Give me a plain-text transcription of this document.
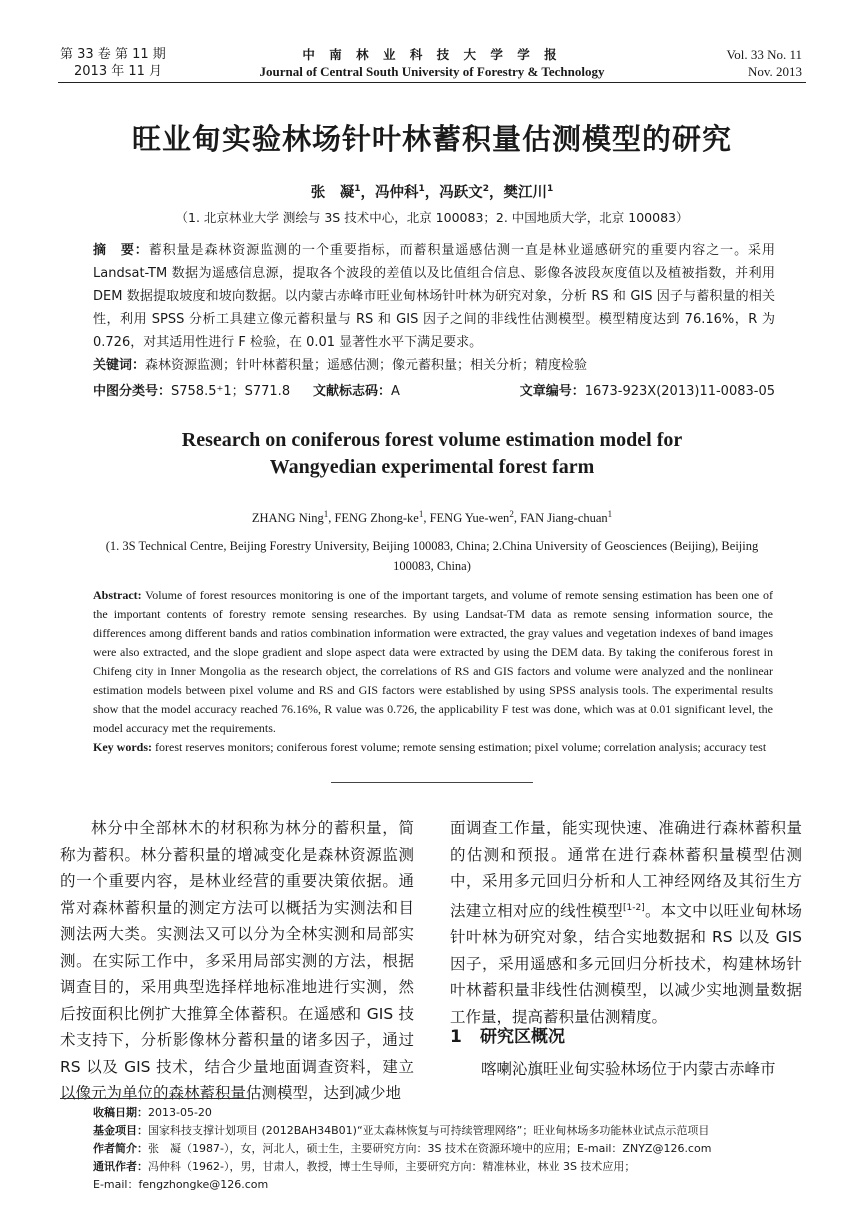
第 33 卷 第 11 期
2013 年 11 月
中 南 林 业 科 技 大 学 学 报
Journal of Central South University of Forestry & Technology
Vol. 33 No. 11
Nov. 2013
旺业甸实验林场针叶林蓄积量估测模型的研究
张　凝$^1$，冯仲科$^1$，冯跃文$^2$，樊江川$^1$
（1. 北京林业大学 测绘与 3S 技术中心，北京 100083；2. 中国地质大学，北京 100083）
摘　要：蓄积量是森林资源监测的一个重要指标，而蓄积量遥感估测一直是林业遥感研究的重要内容之一。采用 Landsat-TM 数据为遥感信息源，提取各个波段的差值以及比值组合信息、影像各波段灰度值以及植被指数，并利用 DEM 数据提取坡度和坡向数据。以内蒙古赤峰市旺业甸林场针叶林为研究对象，分析 RS 和 GIS 因子与蓄积量的相关性，利用 SPSS 分析工具建立像元蓄积量与 RS 和 GIS 因子之间的非线性估测模型。模型精度达到 76.16%，R 为 0.726，对其适用性进行 F 检验，在 0.01 显著性水平下满足要求。
关键词：森林资源监测；针叶林蓄积量；遥感估测；像元蓄积量；相关分析；精度检验
中图分类号：S758.5⁺1；S771.8 文献标志码：A	文章编号：1673-923X(2013)11-0083-05
Research on coniferous forest volume estimation model for
Wangyedian experimental forest farm
ZHANG Ning$^1$, FENG Zhong-$ke^1$, FENG Yue-wen$^2$, FAN Jiang-chuan$^1$
(1. 3S Technical Centre, Beijing Forestry University, Beijing 100083, China; 2.China University of Geosciences (Beijing), Beijing 100083, China)
Abstract: Volume of forest resources monitoring is one of the important targets, and volume of remote sensing estimation has been one of the important contents of forestry remote sensing researches. By using Landsat-TM data as remote sensing information source, the differences among different bands and ratios combination information were extracted, the gray values and vegetation indexes of band images were also extracted, and the slope gradient and slope aspect data were extracted by using the DEM data. By taking the coniferous forest in Chifeng city in Inner Mongolia as the research object, the correlations of RS and GIS factors and volume were analyzed and the nonlinear estimation models between pixel volume and RS and GIS factors were established by using SPSS analysis tools. The experimental results show that the model accuracy reached 76.16%, R value was 0.726, the applicability F test was done, which was at 0.01 significant level, the model accuracy met the requirements.
Key words: forest reserves monitors; coniferous forest volume; remote sensing estimation; pixel volume; correlation analysis; accuracy test
林分中全部林木的材积称为林分的蓄积量，简称为蓄积。林分蓄积量的增减变化是森林资源监测的一个重要内容，是林业经营的重要决策依据。通常对森林蓄积量的测定方法可以概括为实测法和目测法两大类。实测法又可以分为全林实测和局部实测。在实际工作中，多采用局部实测的方法，根据调查目的，采用典型选择样地标准地进行实测，然后按面积比例扩大推算全体蓄积。在遥感和 GIS 技术支持下，分析影像林分蓄积量的诸多因子，通过 RS 以及 GIS 技术，结合少量地面调查资料，建立以像元为单位的森林蓄积量估测模型，达到减少地
面调查工作量，能实现快速、准确进行森林蓄积量的估测和预报。通常在进行森林蓄积量模型估测中，采用多元回归分析和人工神经网络及其衍生方法建立相对应的线性模型[1-2]。本文中以旺业甸林场针叶林为研究对象，结合实地数据和 RS 以及 GIS 因子，采用遥感和多元回归分析技术，构建林场针叶林蓄积量非线性估测模型，以减少实地测量数据工作量，提高蓄积量估测精度。
1 研究区概况
喀喇沁旗旺业甸实验林场位于内蒙古赤峰市
收稿日期：2013-05-20
基金项目：国家科技支撑计划项目 (2012BAH34B01)“亚太森林恢复与可持续管理网络”；旺业甸林场多功能林业试点示范项目
作者简介：张　凝（1987-），女，河北人，硕士生，主要研究方向：3S 技术在资源环境中的应用；E-mail：ZNYZ@126.com
通讯作者：冯仲科（1962-），男，甘肃人，教授，博士生导师，主要研究方向：精准林业，林业 3S 技术应用；
E-mail：fengzhongke@126.com
